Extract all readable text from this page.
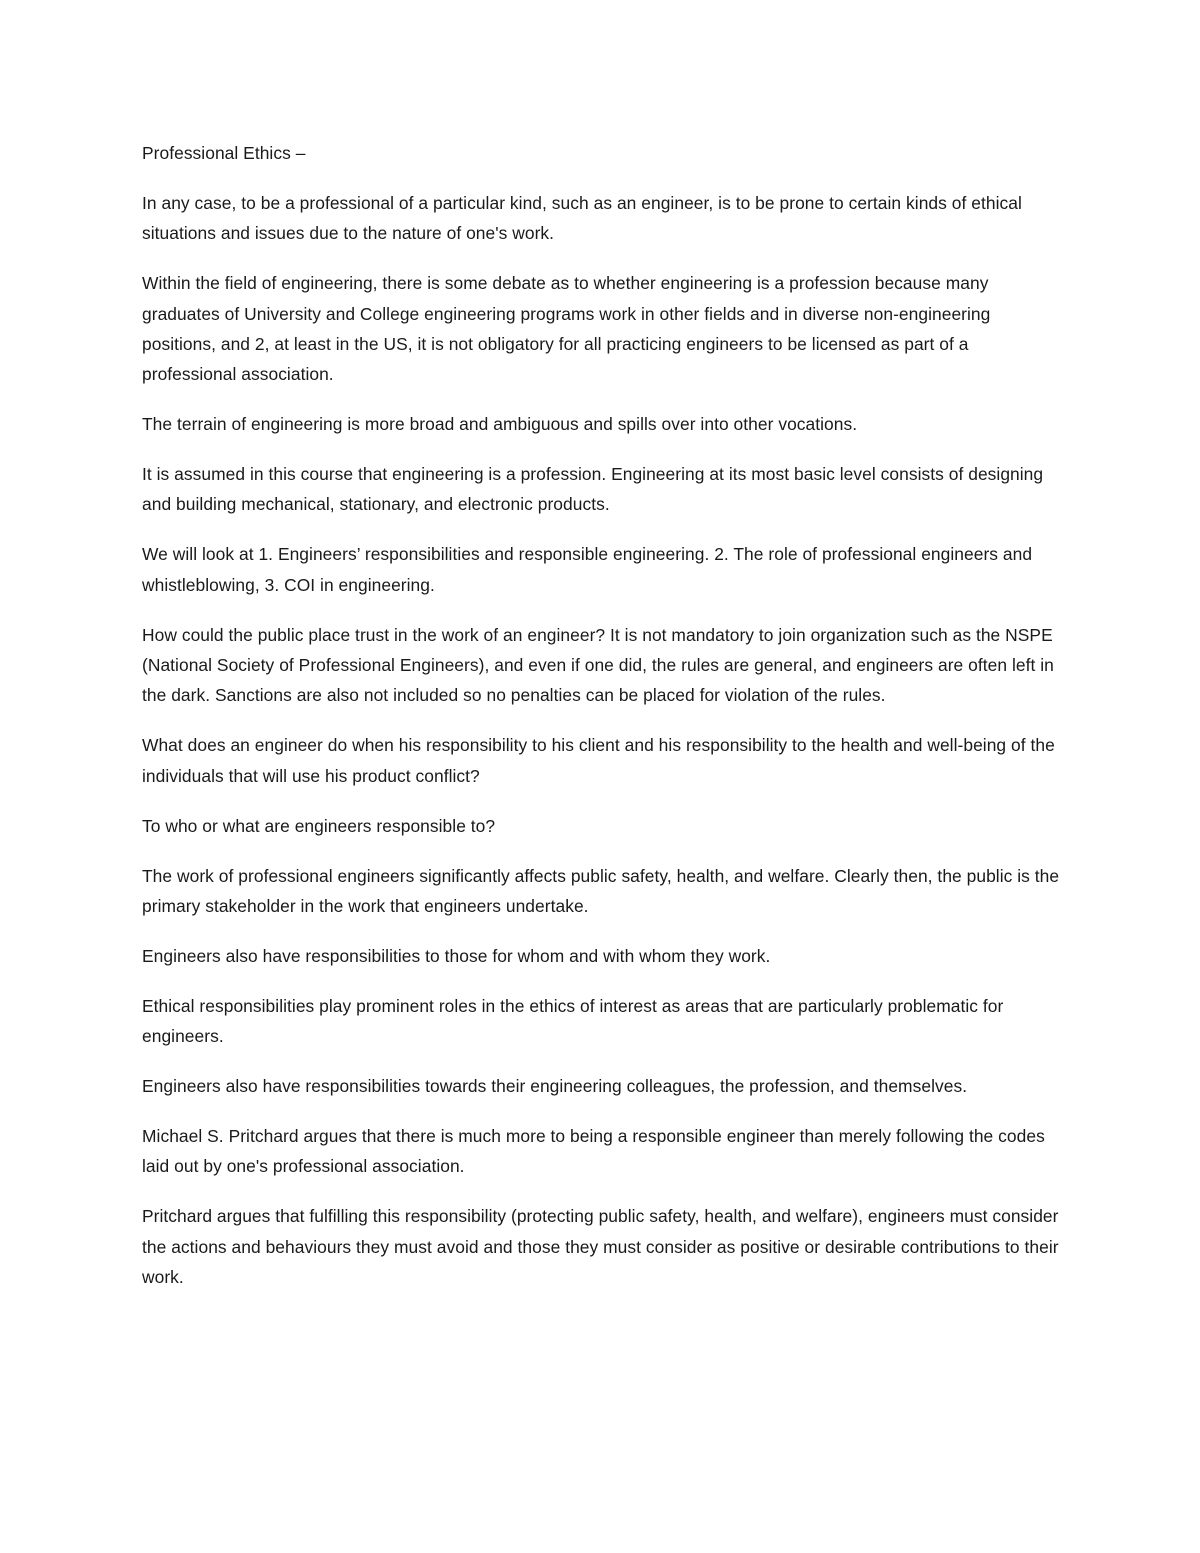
Professional Ethics –

In any case, to be a professional of a particular kind, such as an engineer, is to be prone to certain kinds of ethical situations and issues due to the nature of one's work.

Within the field of engineering, there is some debate as to whether engineering is a profession because many graduates of University and College engineering programs work in other fields and in diverse non-engineering positions, and 2, at least in the US, it is not obligatory for all practicing engineers to be licensed as part of a professional association.

The terrain of engineering is more broad and ambiguous and spills over into other vocations.

It is assumed in this course that engineering is a profession. Engineering at its most basic level consists of designing and building mechanical, stationary, and electronic products.

We will look at 1. Engineers’ responsibilities and responsible engineering. 2. The role of professional engineers and whistleblowing, 3. COI in engineering.

How could the public place trust in the work of an engineer? It is not mandatory to join organization such as the NSPE (National Society of Professional Engineers), and even if one did, the rules are general, and engineers are often left in the dark. Sanctions are also not included so no penalties can be placed for violation of the rules.

What does an engineer do when his responsibility to his client and his responsibility to the health and well-being of the individuals that will use his product conflict?

To who or what are engineers responsible to?

The work of professional engineers significantly affects public safety, health, and welfare. Clearly then, the public is the primary stakeholder in the work that engineers undertake.

Engineers also have responsibilities to those for whom and with whom they work.

Ethical responsibilities play prominent roles in the ethics of interest as areas that are particularly problematic for engineers.

Engineers also have responsibilities towards their engineering colleagues, the profession, and themselves.

Michael S. Pritchard argues that there is much more to being a responsible engineer than merely following the codes laid out by one's professional association.

Pritchard argues that fulfilling this responsibility (protecting public safety, health, and welfare), engineers must consider the actions and behaviours they must avoid and those they must consider as positive or desirable contributions to their work.
